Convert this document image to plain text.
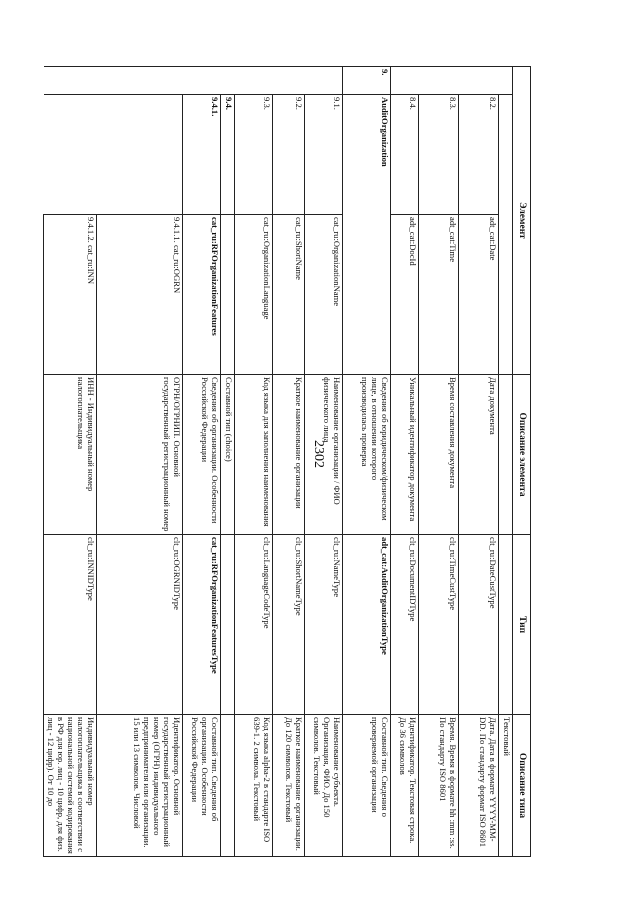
2302
Элемент			Описание элемента	Тип	Описание типа	
					Текстовый	
	8.2.	adt_cat:Date	Дата документа	clt_ru:DateCustType	Дата. Дата в формате YYYY-MM-DD. По стандарту формат ISO 8601	
	8.3.	adt_cat:Time	Время составления документа	clt_ru:TimeCustType	Время. Время в формате hh :mm :ss. По стандарту ISO 8601	
	8.4.	adt_cat:DocId	Уникальный идентификатор документа	clt_ru:DocumentIDType	Идентификатор. Текстовая строка. До 36 символов	
9.	AuditOrganization		Сведения об юридическом/физическом лице, в отношении которого производилась проверка	adt_cat:AuditOrganizationType	Составной тип. Сведения о проверяемой организации	
	9.1.	cat_ru:OrganizationName	Наименование организации / ФИО физического лица	clt_ru:NameType	Наименование субъекта. Организация, ФИО. До 150 символов. Текстовый	
	9.2.	cat_ru:ShortName	Краткое наименование организации	clt_ru:ShortNameType	Краткое наименование организации. До 120 символов. Текстовый	
	9.3.	cat_ru:OrganizationLanguage	Код языка для заполнения наименования	clt_ru:LanguageCodeType	Код языка alpha-2 в стандарте ISO 639-1. 2 символа. Текстовый	
	9.4.		Составной тип (choice)			
	9.4.1.	cat_ru:RFOrganizationFeatures	Сведения об организации. Особенности Российской Федерации	cat_ru:RFOrganizationFeaturesType	Составной тип. Сведения об организации. Особенности Российской Федерации	
		9.4.1.1. cat_ru:OGRN	ОГРН/ОГРНИП. Основной государственный регистрационный номер	clt_ru:OGRNIDType	Идентификатор. Основной государственный регистрационный номер (ОГРН) индивидуального предпринимателя или организации. 15 или 13 символов. Числовой	
		9.4.1.2. cat_ru:INN	ИНН - Индивидуальный номер налогоплательщика	clt_ru:INNIDType	Индивидуальный номер налогоплательщика в соответствии с национальной системой кодирования в РФ для юр. лиц - 10 цифр, для физ. лиц - 12 цифр). От 10 до	
